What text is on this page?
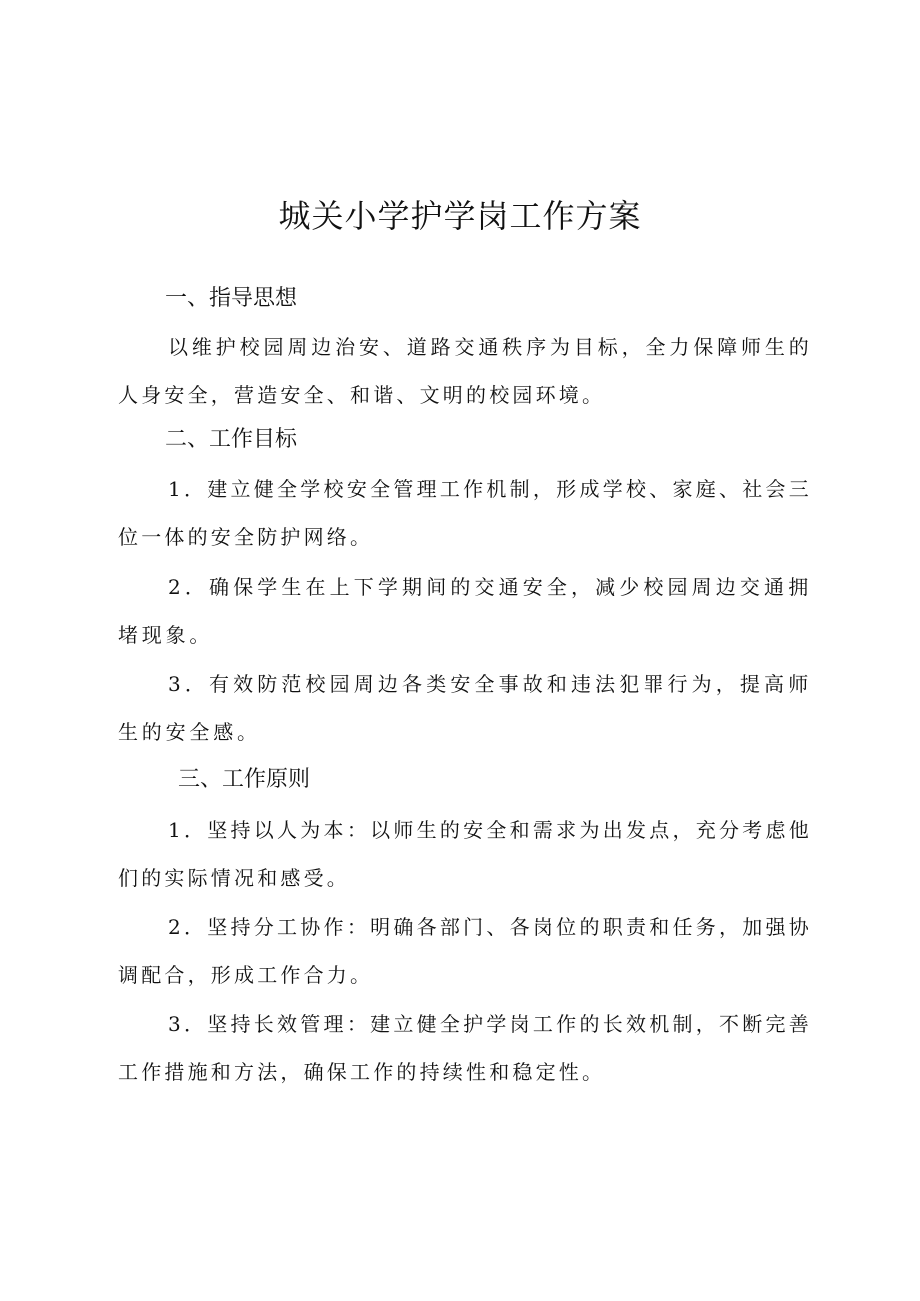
城关小学护学岗工作方案
一、指导思想

以维护校园周边治安、道路交通秩序为目标，全力保障师生的人身安全，营造安全、和谐、文明的校园环境。

二、工作目标

1．建立健全学校安全管理工作机制，形成学校、家庭、社会三位一体的安全防护网络。

2．确保学生在上下学期间的交通安全，减少校园周边交通拥堵现象。

3．有效防范校园周边各类安全事故和违法犯罪行为，提高师生的安全感。

三、工作原则

1．坚持以人为本：以师生的安全和需求为出发点，充分考虑他们的实际情况和感受。

2．坚持分工协作：明确各部门、各岗位的职责和任务，加强协调配合，形成工作合力。

3．坚持长效管理：建立健全护学岗工作的长效机制，不断完善工作措施和方法，确保工作的持续性和稳定性。
